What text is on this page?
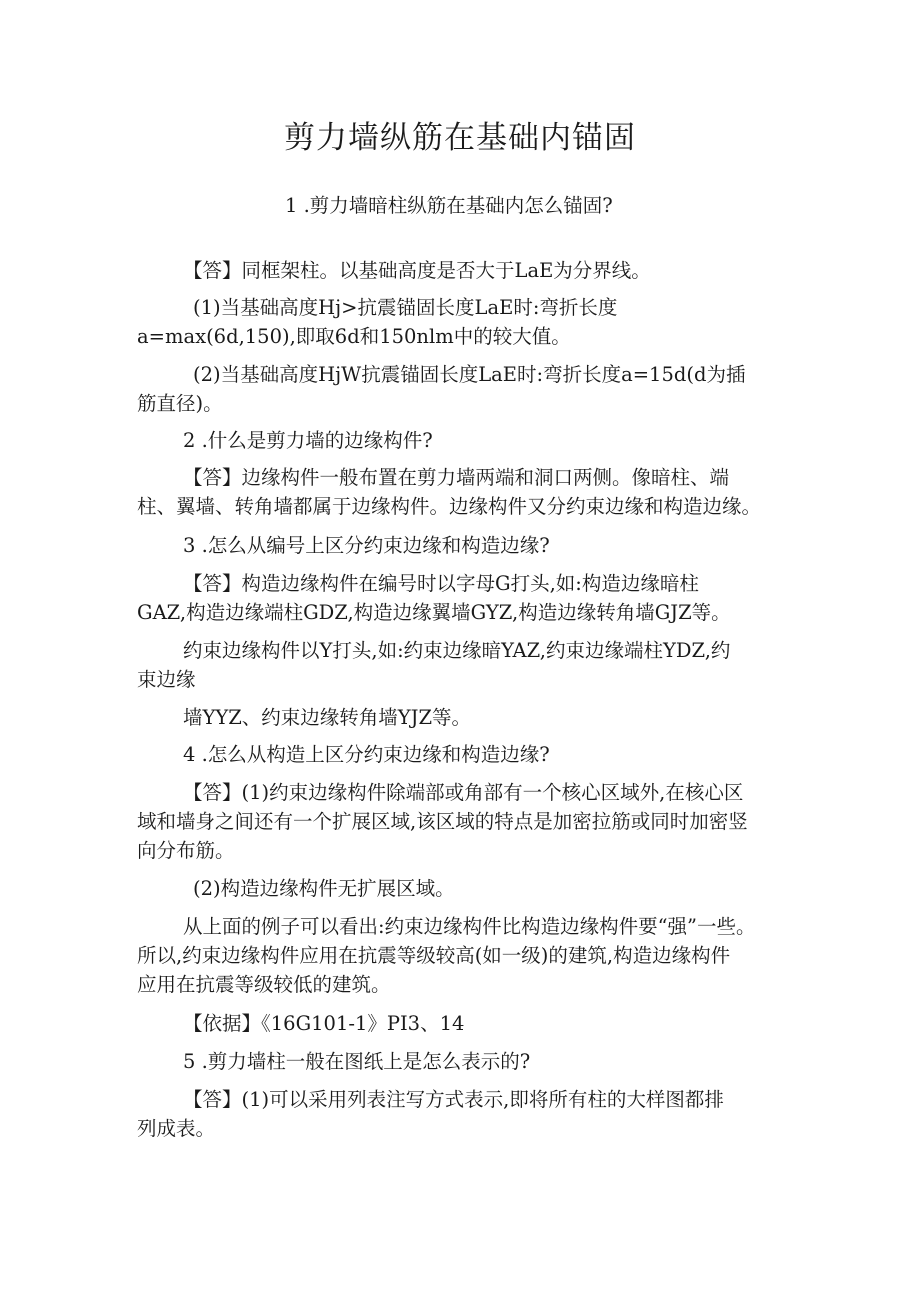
剪力墙纵筋在基础内锚固
1 .剪力墙暗柱纵筋在基础内怎么锚固?
【答】同框架柱。以基础高度是否大于LaE为分界线。
(1)当基础高度Hj>抗震锚固长度LaE时:弯折长度
a=max(6d,150),即取6d和150nlm中的较大值。
(2)当基础高度HjW抗震锚固长度LaE时:弯折长度a=15d(d为插
筋直径)。
2 .什么是剪力墙的边缘构件?
【答】边缘构件一般布置在剪力墙两端和洞口两侧。像暗柱、端
柱、翼墙、转角墙都属于边缘构件。边缘构件又分约束边缘和构造边缘。
3 .怎么从编号上区分约束边缘和构造边缘?
【答】构造边缘构件在编号时以字母G打头,如:构造边缘暗柱
GAZ,构造边缘端柱GDZ,构造边缘翼墙GYZ,构造边缘转角墙GJZ等。
约束边缘构件以Y打头,如:约束边缘暗YAZ,约束边缘端柱YDZ,约
束边缘
墙YYZ、约束边缘转角墙YJZ等。
4 .怎么从构造上区分约束边缘和构造边缘?
【答】(1)约束边缘构件除端部或角部有一个核心区域外,在核心区
域和墙身之间还有一个扩展区域,该区域的特点是加密拉筋或同时加密竖
向分布筋。
(2)构造边缘构件无扩展区域。
从上面的例子可以看出:约束边缘构件比构造边缘构件要“强”一些。
所以,约束边缘构件应用在抗震等级较高(如一级)的建筑,构造边缘构件
应用在抗震等级较低的建筑。
【依据】《16G101-1》PI3、14
5 .剪力墙柱一般在图纸上是怎么表示的?
【答】(1)可以采用列表注写方式表示,即将所有柱的大样图都排
列成表。
